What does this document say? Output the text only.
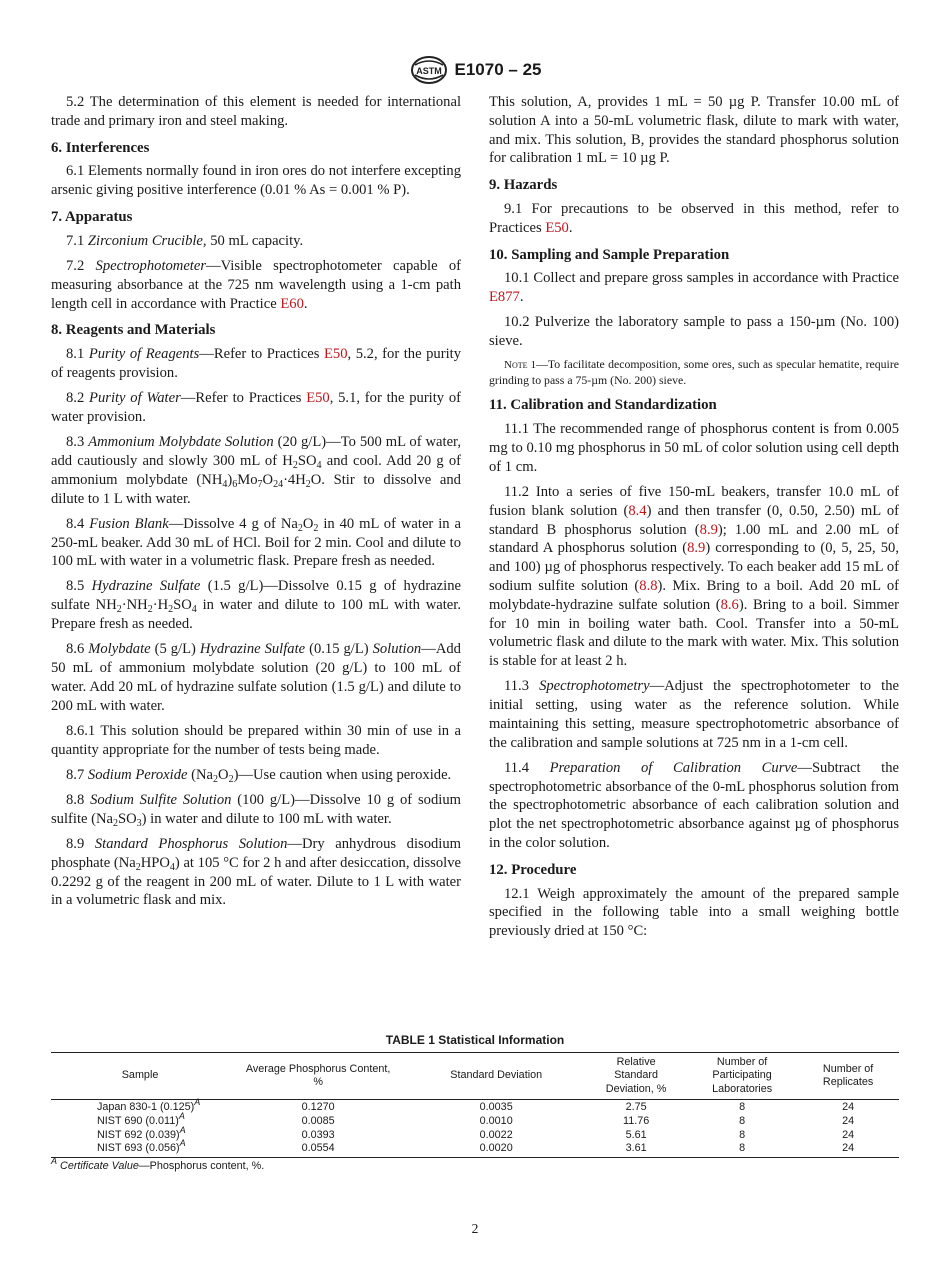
ASTM E1070 – 25

5.2 The determination of this element is needed for international trade and primary iron and steel making.

6. Interferences

6.1 Elements normally found in iron ores do not interfere excepting arsenic giving positive interference (0.01 % As = 0.001 % P).

7. Apparatus

7.1 Zirconium Crucible, 50 mL capacity.

7.2 Spectrophotometer—Visible spectrophotometer capable of measuring absorbance at the 725 nm wavelength using a 1-cm path length cell in accordance with Practice E60.

8. Reagents and Materials

8.1 Purity of Reagents—Refer to Practices E50, 5.2, for the purity of reagents provision.

8.2 Purity of Water—Refer to Practices E50, 5.1, for the purity of water provision.

8.3 Ammonium Molybdate Solution (20 g/L)—To 500 mL of water, add cautiously and slowly 300 mL of $H_2SO_4$ and cool. Add 20 g of ammonium molybdate $(NH_4)_6Mo_7O_{24}\cdot 4H_2O$. Stir to dissolve and dilute to 1 L with water.

8.4 Fusion Blank—Dissolve 4 g of $Na_2O_2$ in 40 mL of water in a 250-mL beaker. Add 30 mL of HCl. Boil for 2 min. Cool and dilute to 100 mL with water in a volumetric flask. Prepare fresh as needed.

8.5 Hydrazine Sulfate (1.5 g/L)—Dissolve 0.15 g of hydrazine sulfate $NH_2\cdot NH_2\cdot H_2SO_4$ in water and dilute to 100 mL with water. Prepare fresh as needed.

8.6 Molybdate (5 g/L) Hydrazine Sulfate (0.15 g/L) Solution—Add 50 mL of ammonium molybdate solution (20 g/L) to 100 mL of water. Add 20 mL of hydrazine sulfate solution (1.5 g/L) and dilute to 200 mL with water.

8.6.1 This solution should be prepared within 30 min of use in a quantity appropriate for the number of tests being made.

8.7 Sodium Peroxide $(Na_2O_2)—Use$ caution when using peroxide.

8.8 Sodium Sulfite Solution (100 g/L)—Dissolve 10 g of sodium sulfite $(Na_2SO_3)$ in water and dilute to 100 mL with water.

8.9 Standard Phosphorus Solution—Dry anhydrous disodium phosphate $(Na_2HPO_4)$ at 105 °C for 2 h and after desiccation, dissolve 0.2292 g of the reagent in 200 mL of water. Dilute to 1 L with water in a volumetric flask and mix.

This solution, A, provides 1 mL = 50 µg P. Transfer 10.00 mL of solution A into a 50-mL volumetric flask, dilute to mark with water, and mix. This solution, B, provides the standard phosphorus solution for calibration 1 mL = 10 µg P.

9. Hazards

9.1 For precautions to be observed in this method, refer to Practices E50.

10. Sampling and Sample Preparation

10.1 Collect and prepare gross samples in accordance with Practice E877.

10.2 Pulverize the laboratory sample to pass a 150-µm (No. 100) sieve.

Note 1—To facilitate decomposition, some ores, such as specular hematite, require grinding to pass a 75-µm (No. 200) sieve.

11. Calibration and Standardization

11.1 The recommended range of phosphorus content is from 0.005 mg to 0.10 mg phosphorus in 50 mL of color solution using cell depth of 1 cm.

11.2 Into a series of five 150-mL beakers, transfer 10.0 mL of fusion blank solution (8.4) and then transfer (0, 0.50, 2.50) mL of standard B phosphorus solution (8.9); 1.00 mL and 2.00 mL of standard A phosphorus solution (8.9) corresponding to (0, 5, 25, 50, and 100) µg of phosphorus respectively. To each beaker add 15 mL of sodium sulfite solution (8.8). Mix. Bring to a boil. Add 20 mL of molybdate-hydrazine sulfate solution (8.6). Bring to a boil. Simmer for 10 min in boiling water bath. Cool. Transfer into a 50-mL volumetric flask and dilute to the mark with water. Mix. This solution is stable for at least 2 h.

11.3 Spectrophotometry—Adjust the spectrophotometer to the initial setting, using water as the reference solution. While maintaining this setting, measure spectrophotometric absorbance of the calibration and sample solutions at 725 nm in a 1-cm cell.

11.4 Preparation of Calibration Curve—Subtract the spectrophotometric absorbance of the 0-mL phosphorus solution from the spectrophotometric absorbance of each calibration solution and plot the net spectrophotometric absorbance against µg of phosphorus in the color solution.

12. Procedure

12.1 Weigh approximately the amount of the prepared sample specified in the following table into a small weighing bottle previously dried at 150 °C:

TABLE 1 Statistical Information
Sample	Average Phosphorus Content,
%	Standard Deviation	Relative
Standard
Deviation, %	Number of
Participating
Laboratories	Number of
Replicates
Japan 830-1 $(0.125)^A$	0.1270	0.0035	2.75	8	24
NIST 690 $(0.011)^A$	0.0085	0.0010	11.76	8	24
NIST 692 $(0.039)^A$	0.0393	0.0022	5.61	8	24
NIST 693 $(0.056)^A$	0.0554	0.0020	3.61	8	24
$^A$ Certificate Value—Phosphorus content, %.
2
